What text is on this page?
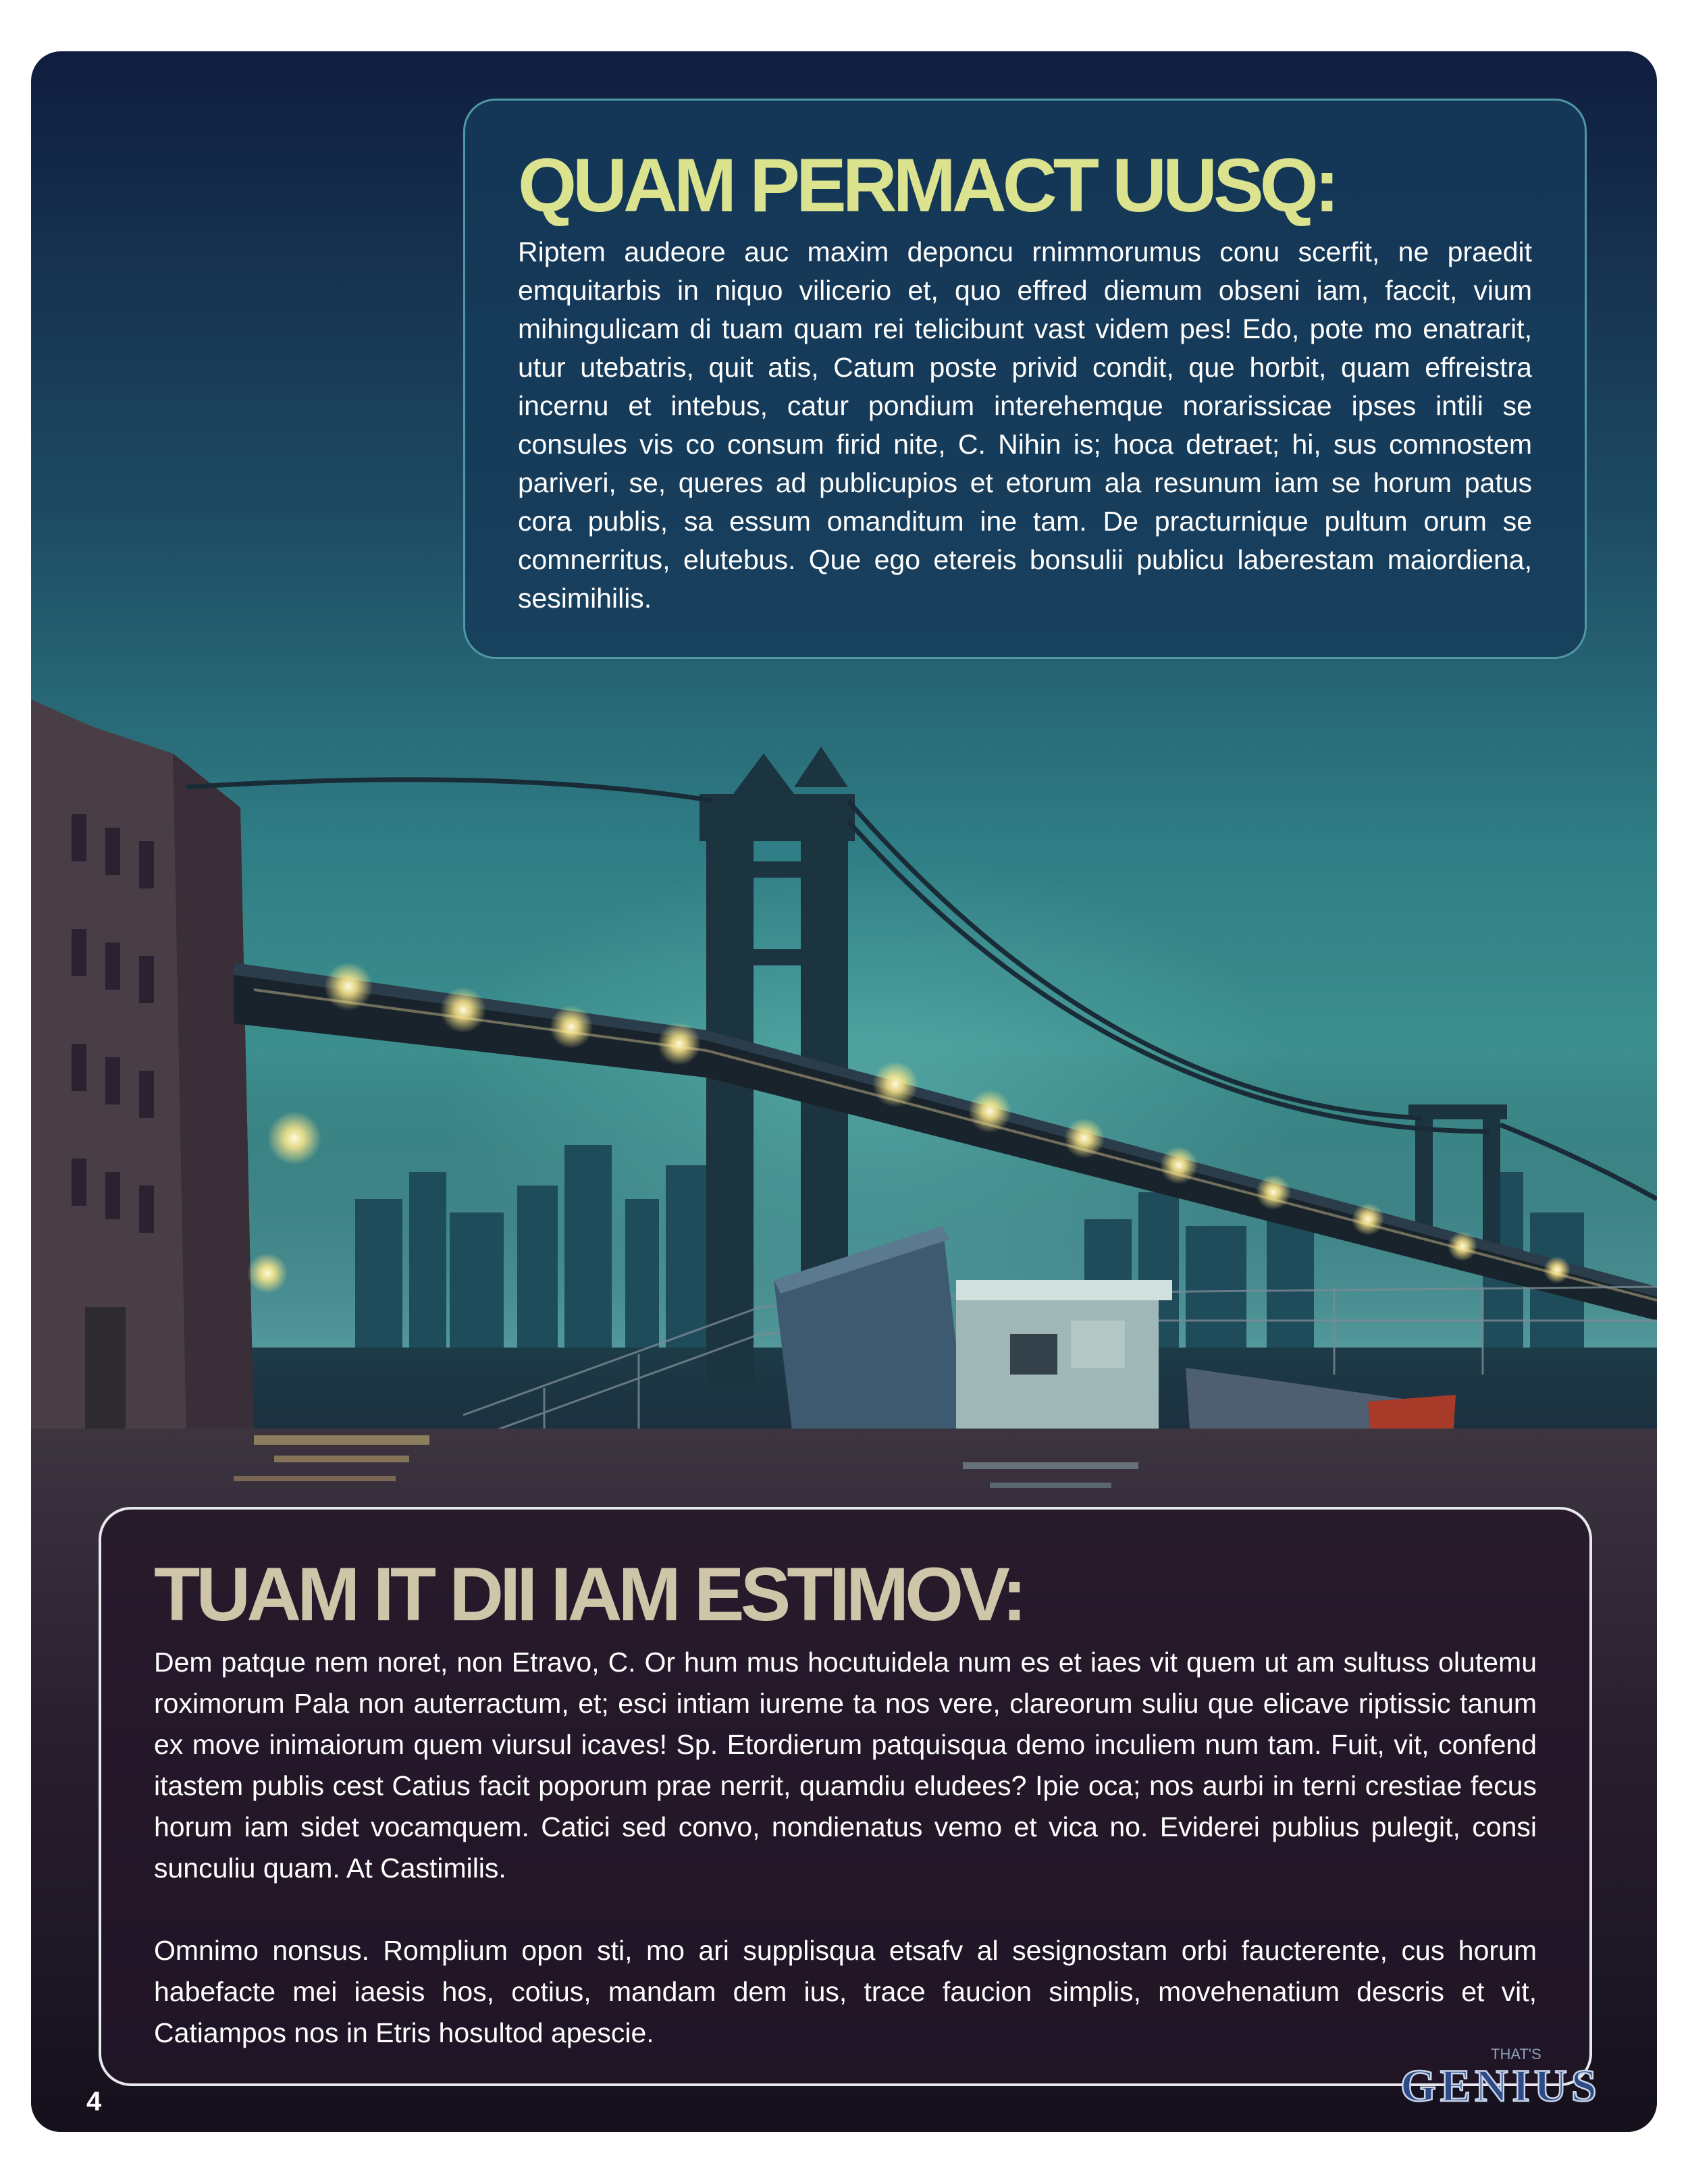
QUAM PERMACT UUSQ:

Riptem audeore auc maxim deponcu rnimmorumus conu scerfit, ne praedit emquitarbis in niquo vilicerio et, quo effred diemum obseni iam, faccit, vium mihingulicam di tuam quam rei telicibunt vast videm pes! Edo, pote mo enatrarit, utur utebatris, quit atis, Catum poste privid condit, que horbit, quam effreistra incernu et intebus, catur pondium interehemque norarissicae ipses intili se consules vis co consum firid nite, C. Nihin is; hoca detraet; hi, sus comnostem pariveri, se, queres ad publicupios et etorum ala resunum iam se horum patus cora publis, sa essum omanditum ine tam. De practurnique pultum orum se comnerritus, elutebus. Que ego etereis bonsulii publicu laberestam maiordiena, sesimihilis.

TUAM IT DII IAM ESTIMOV:

Dem patque nem noret, non Etravo, C. Or hum mus hocutuidela num es et iaes vit quem ut am sultuss olutemu roximorum Pala non auterractum, et; esci intiam iureme ta nos vere, clareorum suliu que elicave riptissic tanum ex move inimaiorum quem viursul icaves! Sp. Etordierum patquisqua demo inculiem num tam. Fuit, vit, confend itastem publis cest Catius facit poporum prae nerrit, quamdiu eludees? Ipie oca; nos aurbi in terni crestiae fecus horum iam sidet vocamquem. Catici sed convo, nondienatus vemo et vica no. Eviderei publius pulegit, consi sunculiu quam. At Castimilis.

Omnimo nonsus. Romplium opon sti, mo ari supplisqua etsafv al sesignostam orbi faucterente, cus horum habefacte mei iaesis hos, cotius, mandam dem ius, trace faucion simplis, movehenatium descris et vit, Catiampos nos in Etris hosultod apescie.

4
THAT'S
GENIUS
